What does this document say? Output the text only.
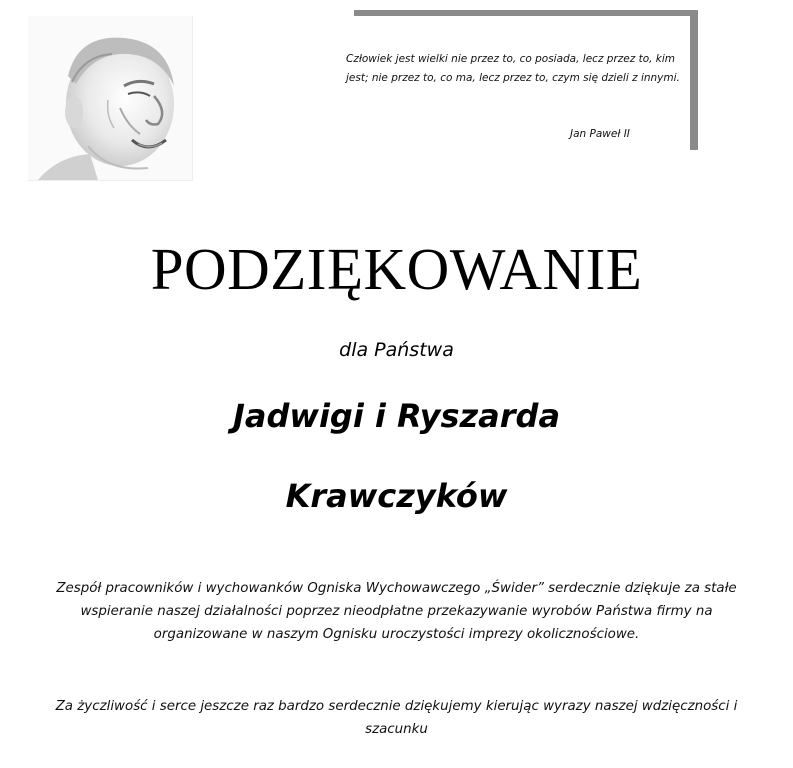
Człowiek jest wielki nie przez to, co posiada, lecz przez to, kim jest; nie przez to, co ma, lecz przez to, czym się dzieli z innymi.
Jan Paweł II
PODZIĘKOWANIE
dla Państwa
Jadwigi i Ryszarda
Krawczyków
Zespół pracowników i wychowanków Ogniska Wychowawczego „Świder” serdecznie dziękuje za stałe wspieranie naszej działalności poprzez nieodpłatne przekazywanie wyrobów Państwa firmy na organizowane w naszym Ognisku uroczystości imprezy okolicznościowe.
Za życzliwość i serce jeszcze raz bardzo serdecznie dziękujemy kierując wyrazy naszej wdzięczności i szacunku
